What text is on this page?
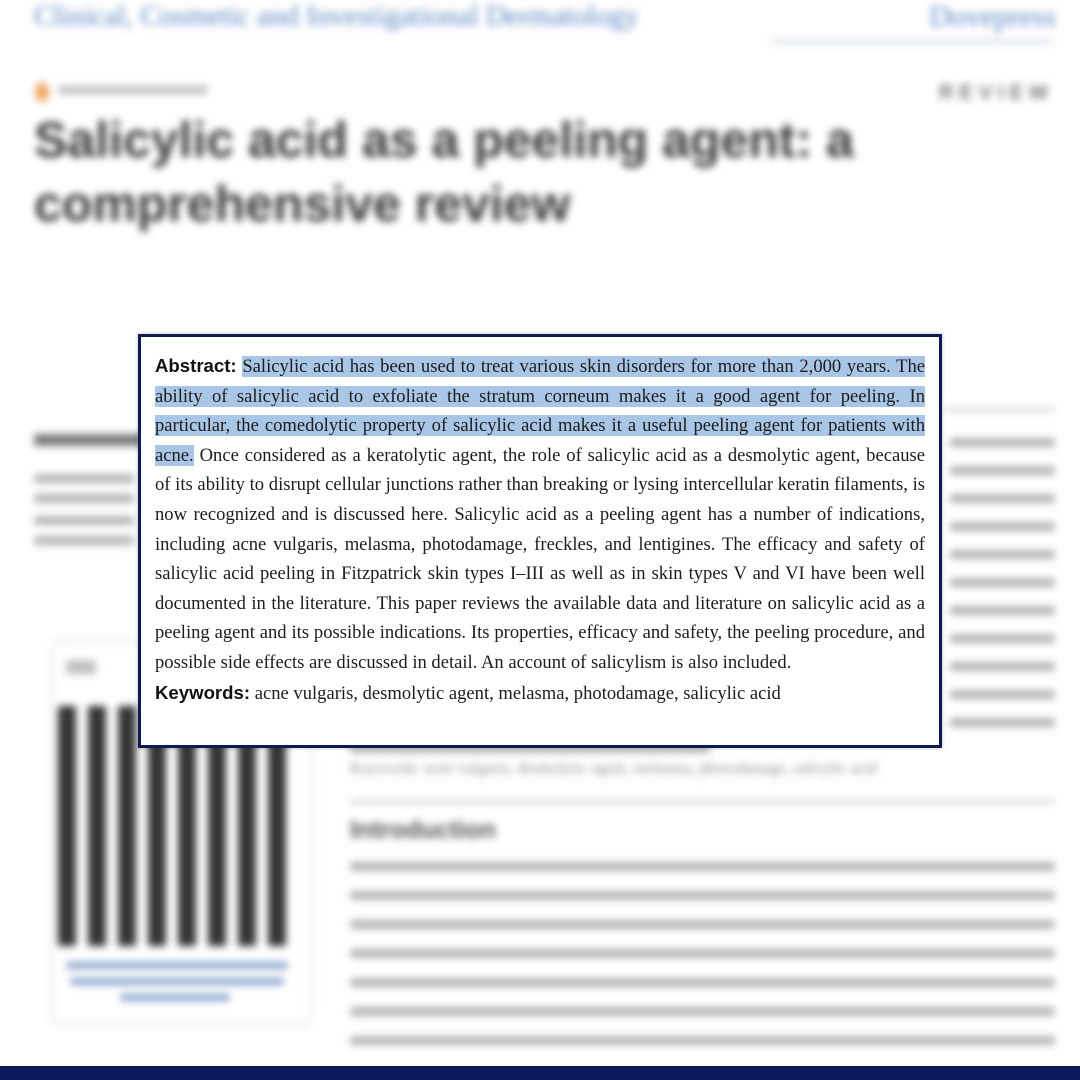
Clinical, Cosmetic and Investigational Dermatology	Dovepress
REVIEW
Salicylic acid as a peeling agent: a comprehensive review
Keywords: acne vulgaris, desmolytic agent, melasma, photodamage, salicylic acid
Introduction
Abstract: Salicylic acid has been used to treat various skin disorders for more than 2,000 years. The ability of salicylic acid to exfoliate the stratum corneum makes it a good agent for peeling. In particular, the comedolytic property of salicylic acid makes it a useful peeling agent for patients with acne. Once considered as a keratolytic agent, the role of salicylic acid as a desmolytic agent, because of its ability to disrupt cellular junctions rather than breaking or lysing intercellular keratin filaments, is now recognized and is discussed here. Salicylic acid as a peeling agent has a number of indications, including acne vulgaris, melasma, photodamage, freckles, and lentigines. The efficacy and safety of salicylic acid peeling in Fitzpatrick skin types I–III as well as in skin types V and VI have been well documented in the literature. This paper reviews the available data and literature on salicylic acid as a peeling agent and its possible indications. Its properties, efficacy and safety, the peeling procedure, and possible side effects are discussed in detail. An account of salicylism is also included.
Keywords: acne vulgaris, desmolytic agent, melasma, photodamage, salicylic acid
